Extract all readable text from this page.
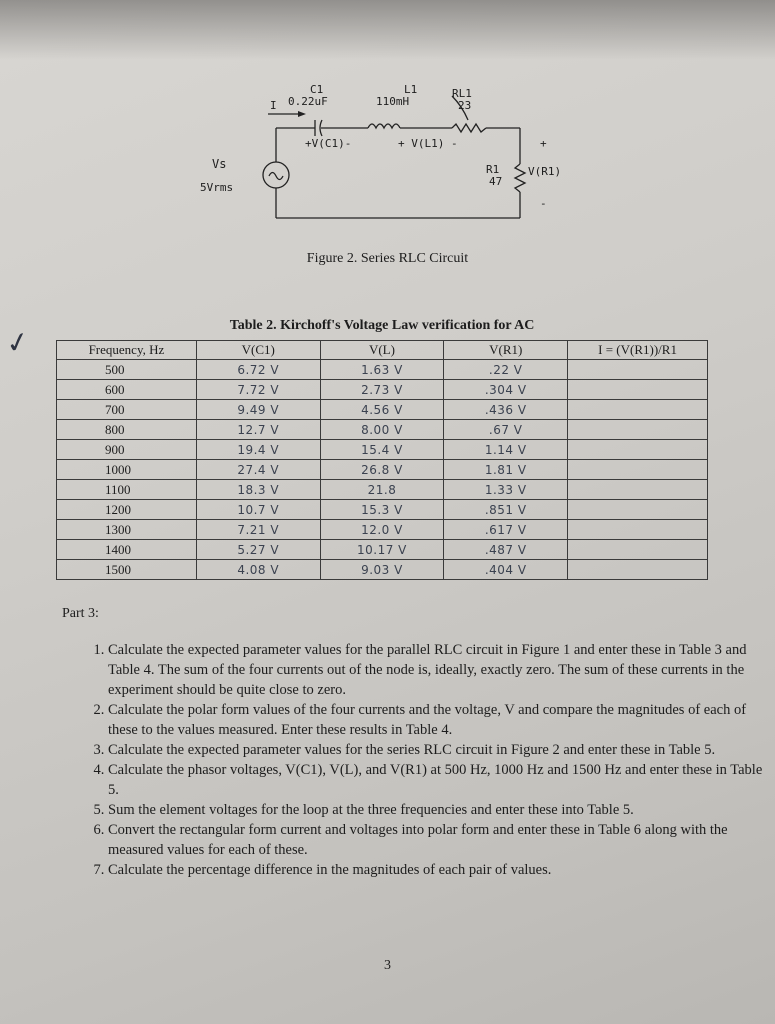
C1
0.22uF
L1
110mH
RL1
23
I
+V(C1)-	+ V(L1) -	+
-
Vs
5Vrms
R1
47
V(R1)
Figure 2. Series RLC Circuit
✓	Table 2. Kirchoff's Voltage Law verification for AC
Frequency, Hz	V(C1)	V(L)	V(R1)	I = (V(R1))/R1
500	6.72 V	1.63 V	.22 V	
600	7.72 V	2.73 V	.304 V	
700	9.49 V	4.56 V	.436 V	
800	12.7 V	8.00 V	.67 V	
900	19.4 V	15.4 V	1.14 V	
1000	27.4 V	26.8 V	1.81 V	
1100	18.3 V	21.8	1.33 V	
1200	10.7 V	15.3 V	.851 V	
1300	7.21 V	12.0 V	.617 V	
1400	5.27 V	10.17 V	.487 V	
1500	4.08 V	9.03 V	.404 V	
Part 3:
1. Calculate the expected parameter values for the parallel RLC circuit in Figure 1 and enter these in Table 3 and Table 4. The sum of the four currents out of the node is, ideally, exactly zero. The sum of these currents in the experiment should be quite close to zero.
2. Calculate the polar form values of the four currents and the voltage, V and compare the magnitudes of each of these to the values measured. Enter these results in Table 4.
3. Calculate the expected parameter values for the series RLC circuit in Figure 2 and enter these in Table 5.
4. Calculate the phasor voltages, V(C1), V(L), and V(R1) at 500 Hz, 1000 Hz and 1500 Hz and enter these in Table 5.
5. Sum the element voltages for the loop at the three frequencies and enter these into Table 5.
6. Convert the rectangular form current and voltages into polar form and enter these in Table 6 along with the measured values for each of these.
7. Calculate the percentage difference in the magnitudes of each pair of values.
3
